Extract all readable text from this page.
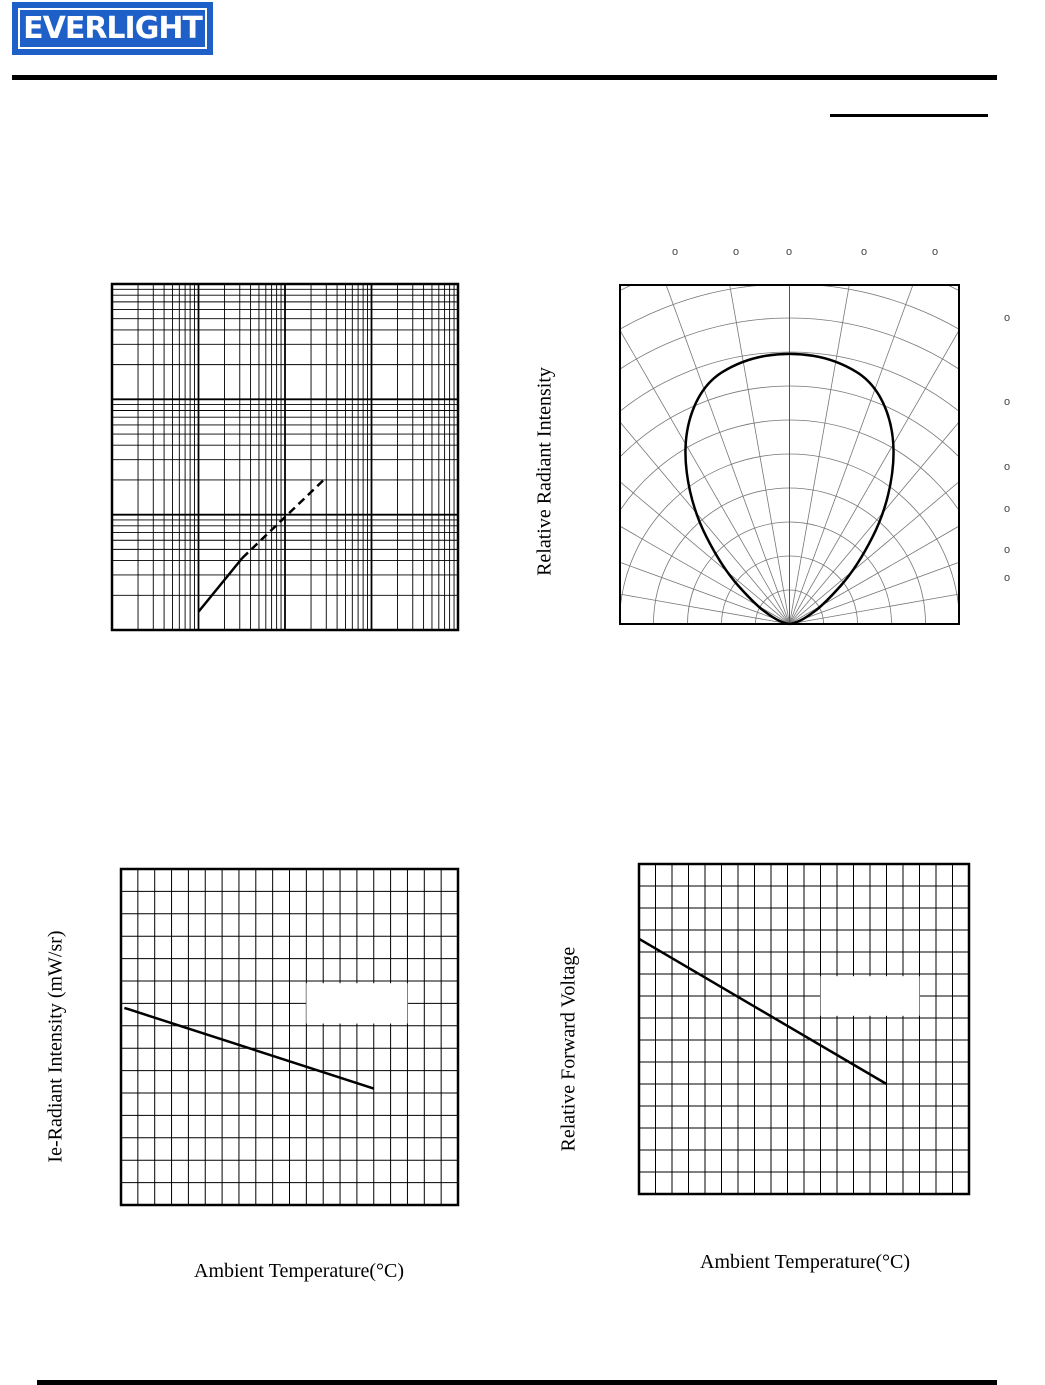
EVERLIGHT
Relative Radiant Intensity
o	o	o	o	o
o
o
o
o
o
o
Ie-Radiant Intensity (mW/sr)
Ambient Temperature(°C)
Relative Forward Voltage
Ambient Temperature(°C)
